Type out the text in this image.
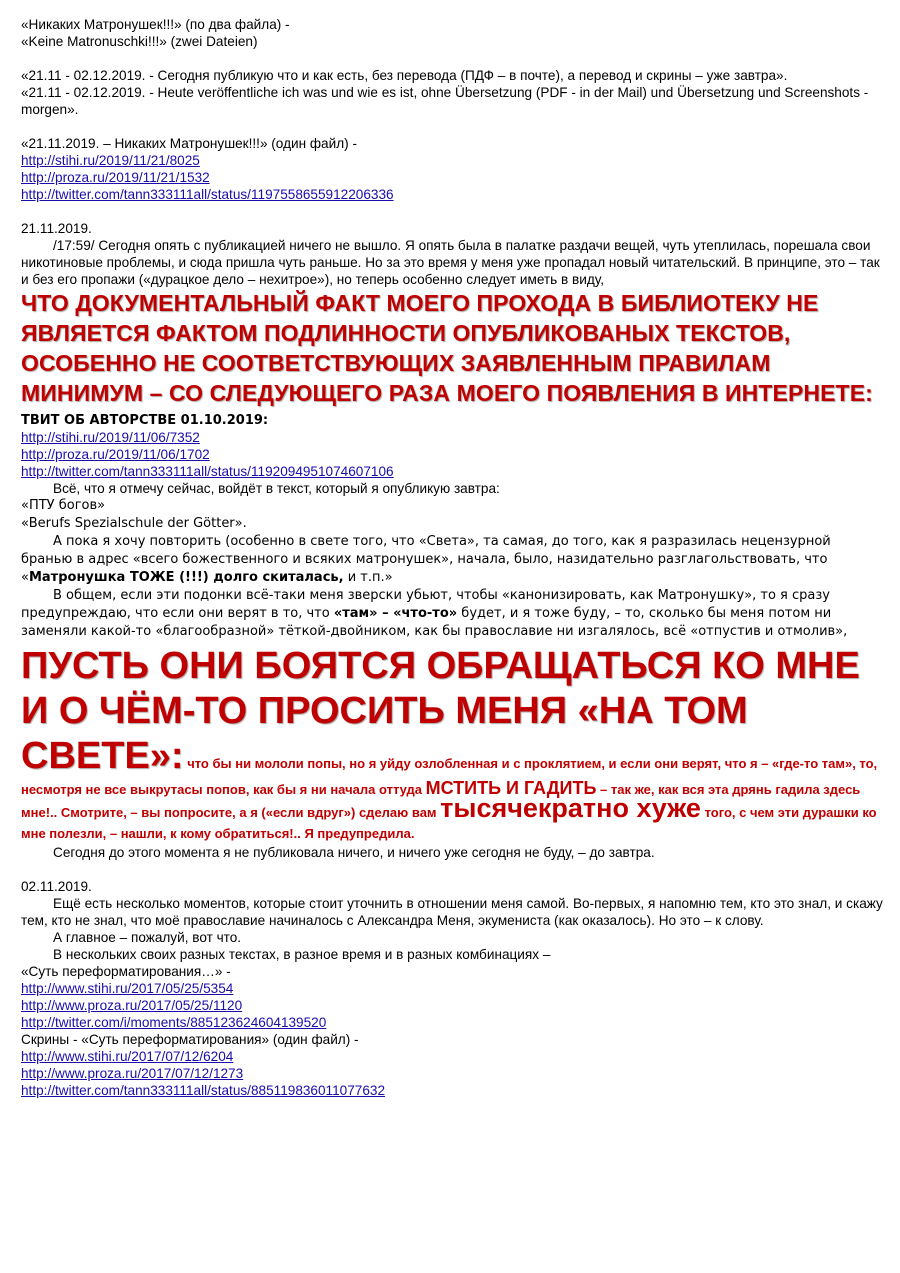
«Никаких Матронушек!!!» (по два файла) -

«Keine Matronuschki!!!» (zwei Dateien)

«21.11 - 02.12.2019. - Сегодня публикую что и как есть, без перевода (ПДФ – в почте), а перевод и скрины – уже завтра».

«21.11 - 02.12.2019. - Heute veröffentliche ich was und wie es ist, ohne Übersetzung (PDF - in der Mail) und Übersetzung und Screenshots - morgen».

«21.11.2019. – Никаких Матронушек!!!» (один файл) -

http://stihi.ru/2019/11/21/8025
http://proza.ru/2019/11/21/1532
http://twitter.com/tann333111all/status/1197558655912206336

21.11.2019.

/17:59/ Сегодня опять с публикацией ничего не вышло. Я опять была в палатке раздачи вещей, чуть утеплилась, порешала свои никотиновые проблемы, и сюда пришла чуть раньше. Но за это время у меня уже пропадал новый читательский. В принципе, это – так и без его пропажи («дурацкое дело – нехитрое»), но теперь особенно следует иметь в виду,

ЧТО ДОКУМЕНТАЛЬНЫЙ ФАКТ МОЕГО ПРОХОДА В БИБЛИОТЕКУ НЕ ЯВЛЯЕТСЯ ФАКТОМ ПОДЛИННОСТИ ОПУБЛИКОВАНЫХ ТЕКСТОВ, ОСОБЕННО НЕ СООТВЕТСТВУЮЩИХ ЗАЯВЛЕННЫМ ПРАВИЛАМ МИНИМУМ – СО СЛЕДУЮЩЕГО РАЗА МОЕГО ПОЯВЛЕНИЯ В ИНТЕРНЕТЕ:

ТВИТ ОБ АВТОРСТВЕ 01.10.2019:

http://stihi.ru/2019/11/06/7352
http://proza.ru/2019/11/06/1702
http://twitter.com/tann333111all/status/1192094951074607106

Всё, что я отмечу сейчас, войдёт в текст, который я опубликую завтра:

«ПТУ богов»

«Berufs Spezialschule der Götter».

А пока я хочу повторить (особенно в свете того, что «Света», та самая, до того, как я разразилась нецензурной бранью в адрес «всего божественного и всяких матронушек», начала, было, назидательно разглагольствовать, что «Матронушка ТОЖЕ (!!!) долго скиталась, и т.п.»

В общем, если эти подонки всё-таки меня зверски убьют, чтобы «канонизировать, как Матронушку», то я сразу предупреждаю, что если они верят в то, что «там» – «что-то» будет, и я тоже буду, – то, сколько бы меня потом ни заменяли какой-то «благообразной» тёткой-двойником, как бы православие ни изгалялось, всё «отпустив и отмолив»,

ПУСТЬ ОНИ БОЯТСЯ ОБРАЩАТЬСЯ КО МНЕ И О ЧЁМ-ТО ПРОСИТЬ МЕНЯ «НА ТОМ СВЕТЕ»: что бы ни мололи попы, но я уйду озлобленная и с проклятием, и если они верят, что я – «где-то там», то, несмотря не все выкрутасы попов, как бы я ни начала оттуда МСТИТЬ И ГАДИТЬ – так же, как вся эта дрянь гадила здесь мне!.. Смотрите, – вы попросите, а я («если вдруг») сделаю вам тысячекратно хуже того, с чем эти дурашки ко мне полезли, – нашли, к кому обратиться!.. Я предупредила.

Сегодня до этого момента я не публиковала ничего, и ничего уже сегодня не буду, – до завтра.

02.11.2019.

Ещё есть несколько моментов, которые стоит уточнить в отношении меня самой. Во-первых, я напомню тем, кто это знал, и скажу тем, кто не знал, что моё православие начиналось с Александра Меня, экумениста (как оказалось). Но это – к слову.

А главное – пожалуй, вот что.

В нескольких своих разных текстах, в разное время и в разных комбинациях –

«Суть переформатирования…» -

http://www.stihi.ru/2017/05/25/5354
http://www.proza.ru/2017/05/25/1120
http://twitter.com/i/moments/885123624604139520

Скрины - «Суть переформатирования» (один файл) -

http://www.stihi.ru/2017/07/12/6204
http://www.proza.ru/2017/07/12/1273
http://twitter.com/tann333111all/status/885119836011077632
